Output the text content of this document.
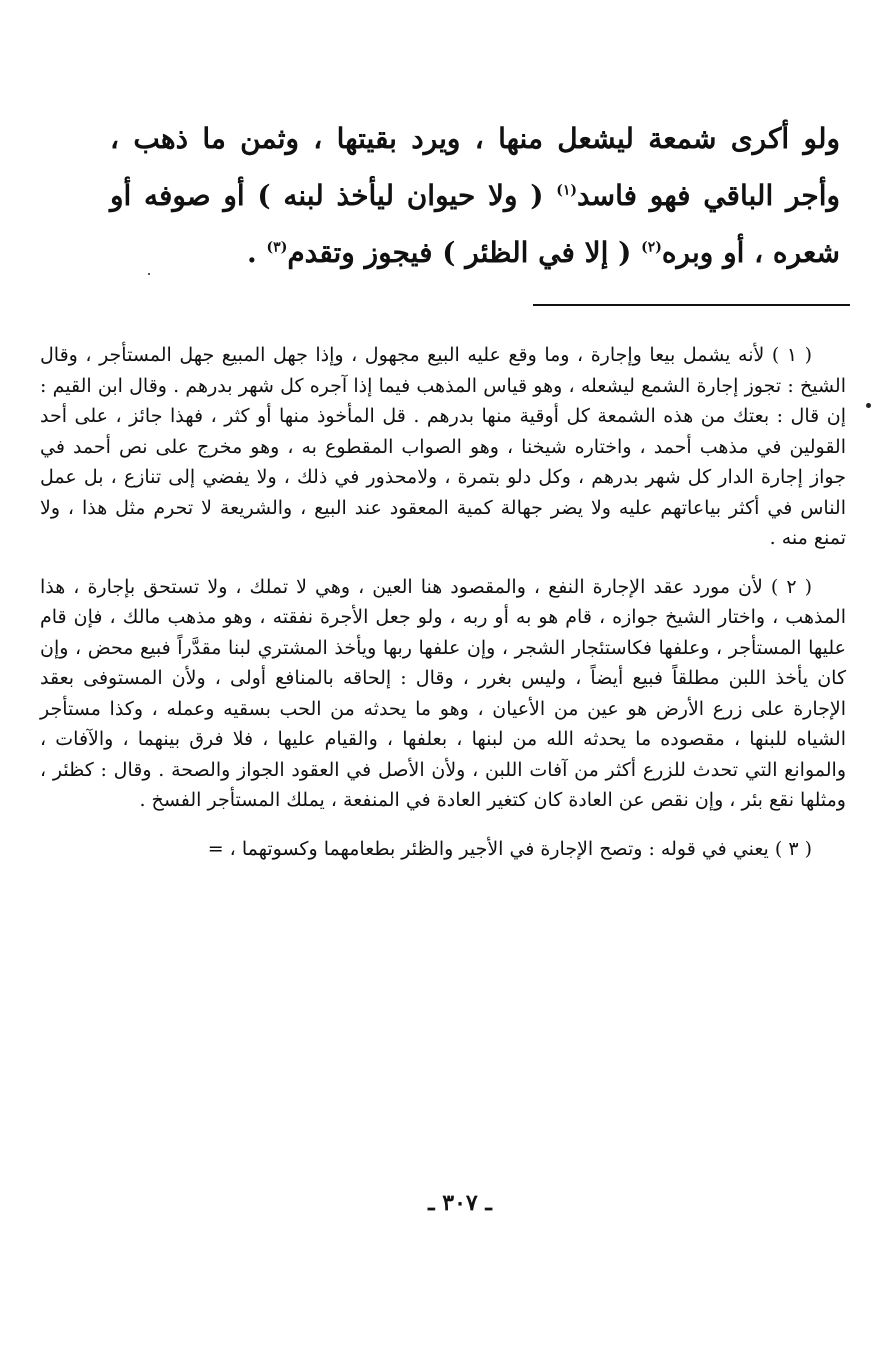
ولو أكرى شمعة ليشعل منها ، ويرد بقيتها ، وثمن ما ذهب ، وأجر الباقي فهو فاسد$^{(١)}$ ( ولا حيوان ليأخذ لبنه ) أو صوفه أو شعره ، أو وبره$^{(٢)}$ ( إلا في الظئر ) فيجوز وتقدم$^{(٣)}$ .

( ١ ) لأنه يشمل بيعا وإجارة ، وما وقع عليه البيع مجهول ، وإذا جهل المبيع جهل المستأجر ، وقال الشيخ : تجوز إجارة الشمع ليشعله ، وهو قياس المذهب فيما إذا آجره كل شهر بدرهم . وقال ابن القيم : إن قال : بعتك من هذه الشمعة كل أوقية منها بدرهم . قل المأخوذ منها أو كثر ، فهذا جائز ، على أحد القولين في مذهب أحمد ، واختاره شيخنا ، وهو الصواب المقطوع به ، وهو مخرج على نص أحمد في جواز إجارة الدار كل شهر بدرهم ، وكل دلو بتمرة ، ولامحذور في ذلك ، ولا يفضي إلى تنازع ، بل عمل الناس في أكثر بياعاتهم عليه ولا يضر جهالة كمية المعقود عند البيع ، والشريعة لا تحرم مثل هذا ، ولا تمنع منه .

( ٢ ) لأن مورد عقد الإجارة النفع ، والمقصود هنا العين ، وهي لا تملك ، ولا تستحق بإجارة ، هذا المذهب ، واختار الشيخ جوازه ، قام هو به أو ربه ، ولو جعل الأجرة نفقته ، وهو مذهب مالك ، فإن قام عليها المستأجر ، وعلفها فكاستئجار الشجر ، وإن علفها ربها ويأخذ المشتري لبنا مقدَّراً فبيع محض ، وإن كان يأخذ اللبن مطلقاً فبيع أيضاً ، وليس بغرر ، وقال : إلحاقه بالمنافع أولى ، ولأن المستوفى بعقد الإجارة على زرع الأرض هو عين من الأعيان ، وهو ما يحدثه من الحب بسقيه وعمله ، وكذا مستأجر الشياه للبنها ، مقصوده ما يحدثه الله من لبنها ، بعلفها ، والقيام عليها ، فلا فرق بينهما ، والآفات ، والموانع التي تحدث للزرع أكثر من آفات اللبن ، ولأن الأصل في العقود الجواز والصحة . وقال : كظئر ، ومثلها نقع بئر ، وإن نقص عن العادة كان كتغير العادة في المنفعة ، يملك المستأجر الفسخ .

( ٣ ) يعني في قوله : وتصح الإجارة في الأجير والظئر بطعامهما وكسوتهما ، =

ـ ٣٠٧ ـ
